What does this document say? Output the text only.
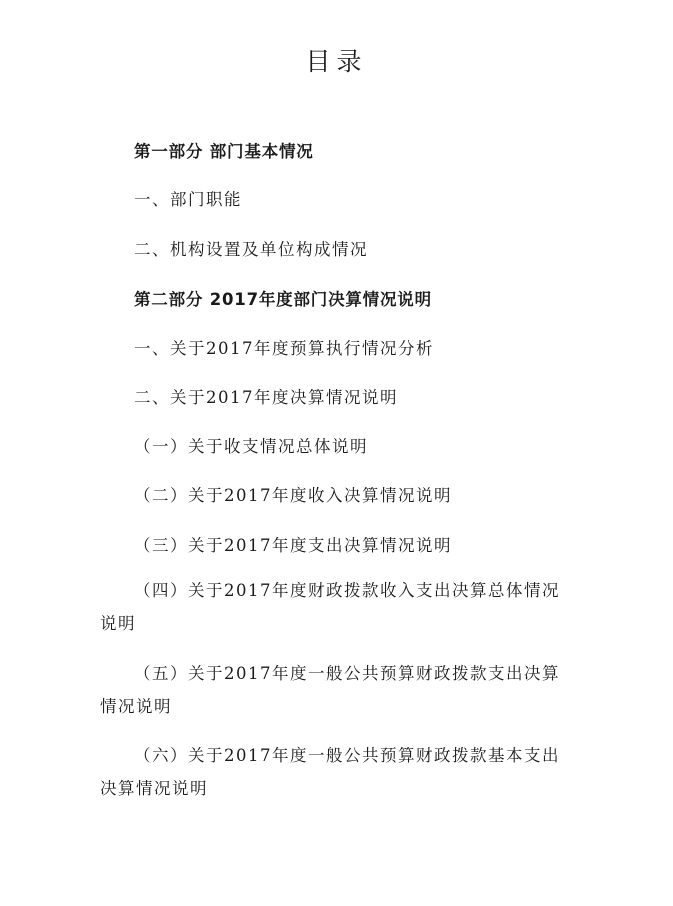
目录
第一部分 部门基本情况
一、部门职能
二、机构设置及单位构成情况
第二部分 2017年度部门决算情况说明
一、关于2017年度预算执行情况分析
二、关于2017年度决算情况说明
（一）关于收支情况总体说明
（二）关于2017年度收入决算情况说明
（三）关于2017年度支出决算情况说明
（四）关于2017年度财政拨款收入支出决算总体情况说明
（五）关于2017年度一般公共预算财政拨款支出决算情况说明
（六）关于2017年度一般公共预算财政拨款基本支出决算情况说明
